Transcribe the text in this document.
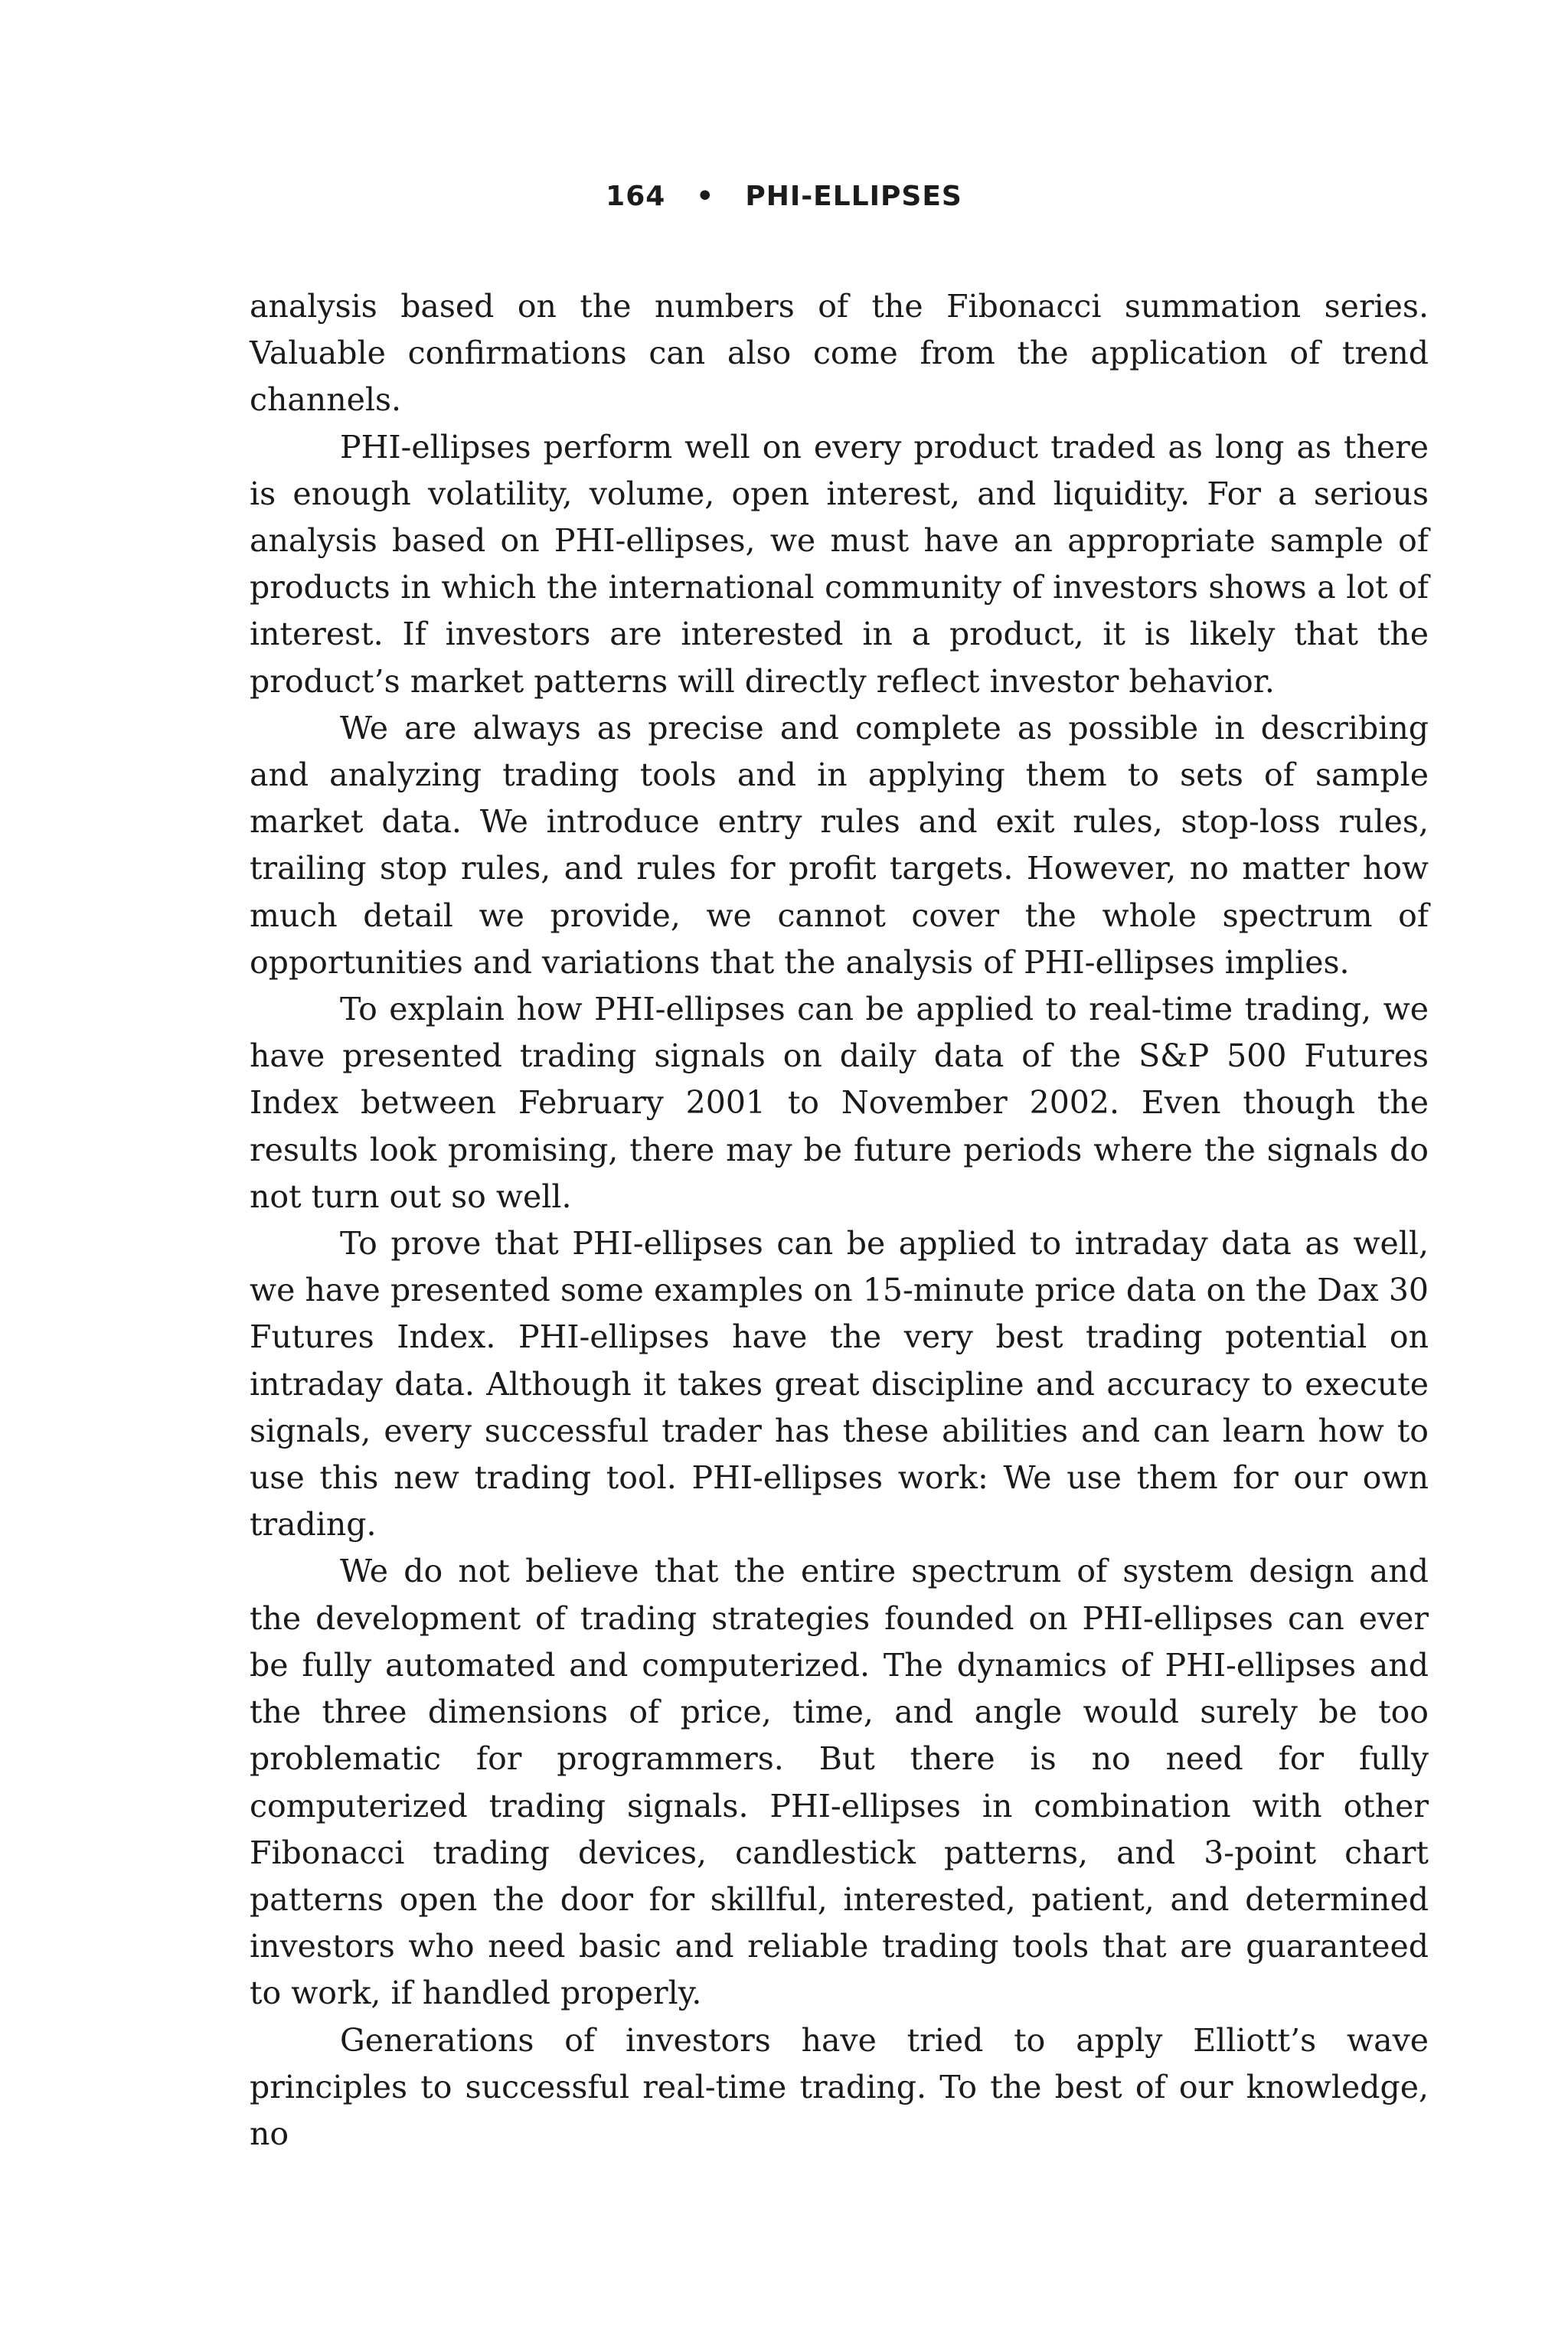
164 • PHI-ELLIPSES

analysis based on the numbers of the Fibonacci summation series. Valuable confirmations can also come from the application of trend channels.

PHI-ellipses perform well on every product traded as long as there is enough volatility, volume, open interest, and liquidity. For a serious analysis based on PHI-ellipses, we must have an appropriate sample of products in which the international community of investors shows a lot of interest. If investors are interested in a product, it is likely that the product’s market patterns will directly reflect investor behavior.

We are always as precise and complete as possible in describing and analyzing trading tools and in applying them to sets of sample market data. We introduce entry rules and exit rules, stop-loss rules, trailing stop rules, and rules for profit targets. However, no matter how much detail we provide, we cannot cover the whole spectrum of opportunities and variations that the analysis of PHI-ellipses implies.

To explain how PHI-ellipses can be applied to real-time trading, we have presented trading signals on daily data of the S&P 500 Futures Index between February 2001 to November 2002. Even though the results look promising, there may be future periods where the signals do not turn out so well.

To prove that PHI-ellipses can be applied to intraday data as well, we have presented some examples on 15-minute price data on the Dax 30 Futures Index. PHI-ellipses have the very best trading potential on intraday data. Although it takes great discipline and accuracy to execute signals, every successful trader has these abilities and can learn how to use this new trading tool. PHI-ellipses work: We use them for our own trading.

We do not believe that the entire spectrum of system design and the development of trading strategies founded on PHI-ellipses can ever be fully automated and computerized. The dynamics of PHI-ellipses and the three dimensions of price, time, and angle would surely be too problematic for programmers. But there is no need for fully computerized trading signals. PHI-ellipses in combination with other Fibonacci trading devices, candlestick patterns, and 3-point chart patterns open the door for skillful, interested, patient, and determined investors who need basic and reliable trading tools that are guaranteed to work, if handled properly.

Generations of investors have tried to apply Elliott’s wave principles to successful real-time trading. To the best of our knowledge, no
